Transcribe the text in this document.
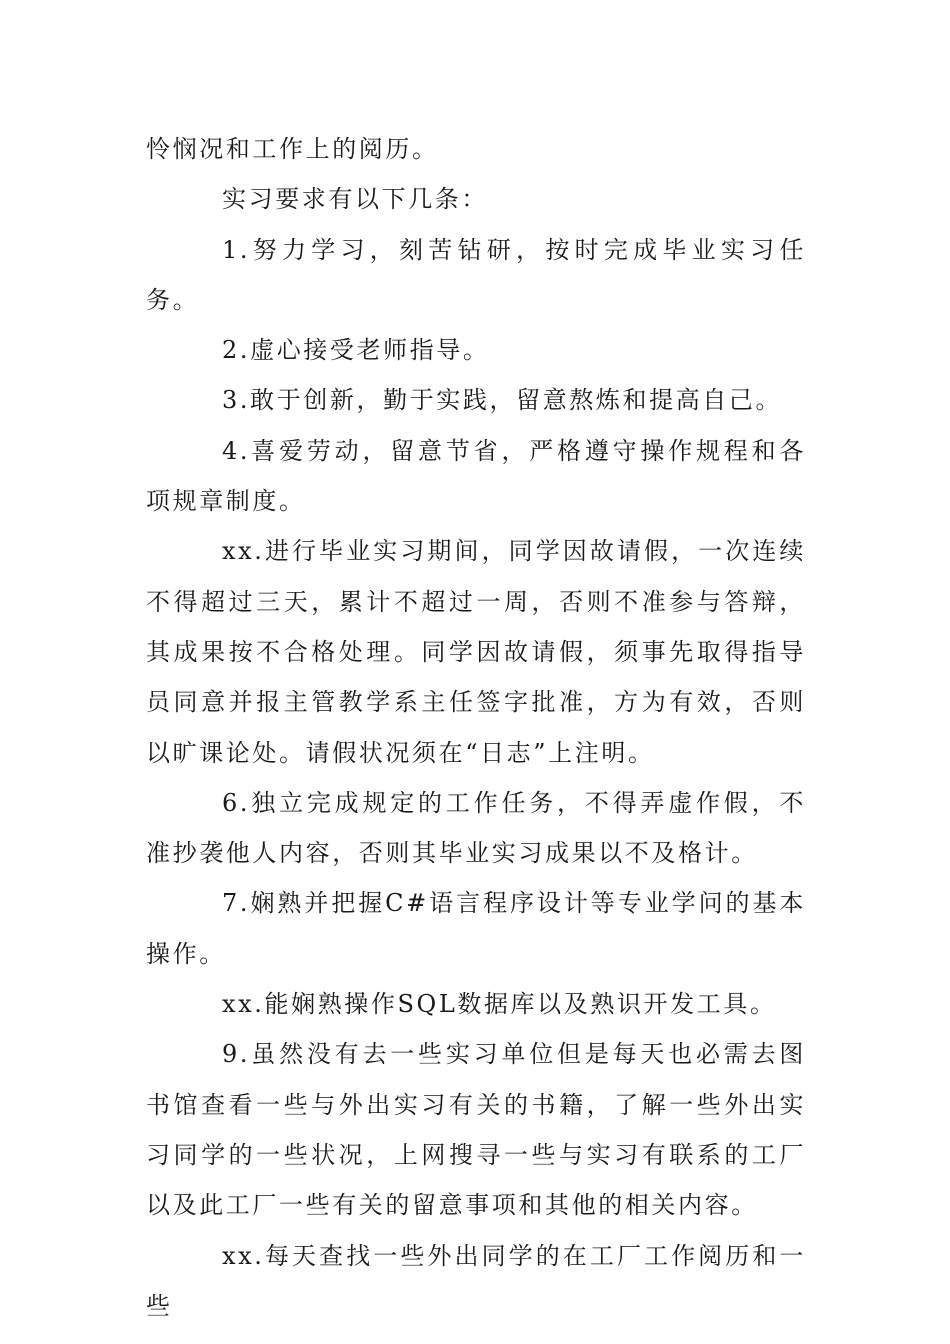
怜悯况和工作上的阅历。

实习要求有以下几条：

1.努力学习，刻苦钻研，按时完成毕业实习任务。

2.虚心接受老师指导。

3.敢于创新，勤于实践，留意熬炼和提高自己。

4.喜爱劳动，留意节省，严格遵守操作规程和各项规章制度。

xx.进行毕业实习期间，同学因故请假，一次连续不得超过三天，累计不超过一周，否则不准参与答辩，其成果按不合格处理。同学因故请假，须事先取得指导员同意并报主管教学系主任签字批准，方为有效，否则以旷课论处。请假状况须在“日志”上注明。

6.独立完成规定的工作任务，不得弄虚作假，不准抄袭他人内容，否则其毕业实习成果以不及格计。

7.娴熟并把握C#语言程序设计等专业学问的基本操作。

xx.能娴熟操作SQL数据库以及熟识开发工具。

9.虽然没有去一些实习单位但是每天也必需去图书馆查看一些与外出实习有关的书籍，了解一些外出实习同学的一些状况，上网搜寻一些与实习有联系的工厂以及此工厂一些有关的留意事项和其他的相关内容。

xx.每天查找一些外出同学的在工厂工作阅历和一些
